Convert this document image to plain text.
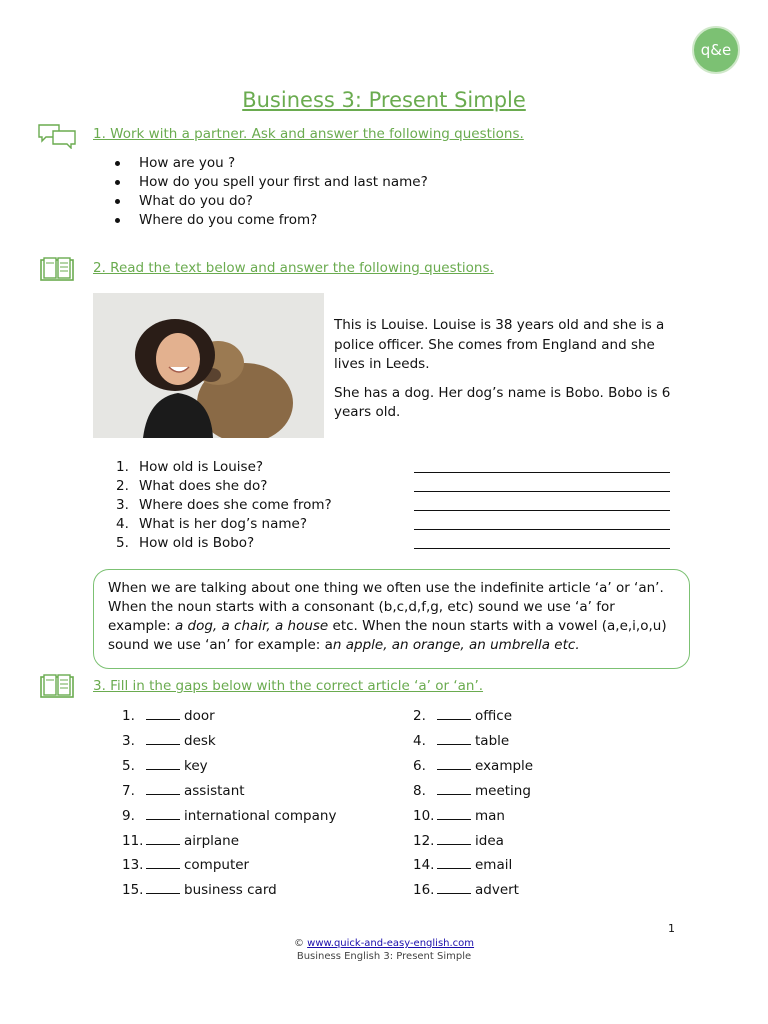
q&e
Business 3: Present Simple
1. Work with a partner. Ask and answer the following questions.
How are you ?
How do you spell your first and last name?
What do you do?
Where do you come from?
2. Read the text below and answer the following questions.

This is Louise. Louise is 38 years old and she is a police officer. She comes from England and she lives in Leeds.

She has a dog. Her dog’s name is Bobo. Bobo is 6 years old.

1. How old is Louise?
2. What does she do?
3. Where does she come from?
4. What is her dog’s name?
5. How old is Bobo?
When we are talking about one thing we often use the indefinite article ‘a’ or ‘an’. When the noun starts with a consonant (b,c,d,f,g, etc) sound we use ‘a’ for example: a dog, a chair, a house etc. When the noun starts with a vowel (a,e,i,o,u) sound we use ‘an’ for example: an apple, an orange, an umbrella etc.
3. Fill in the gaps below with the correct article ‘a’ or ‘an’.
1.	door
3.	desk
5.	key
7.	assistant
9.	international company
11.	airplane
13.	computer
15.	business card
2.	office
4.	table
6.	example
8.	meeting
10.	man
12.	idea
14.	email
16.	advert
1
© www.quick-and-easy-english.com
Business English 3: Present Simple
